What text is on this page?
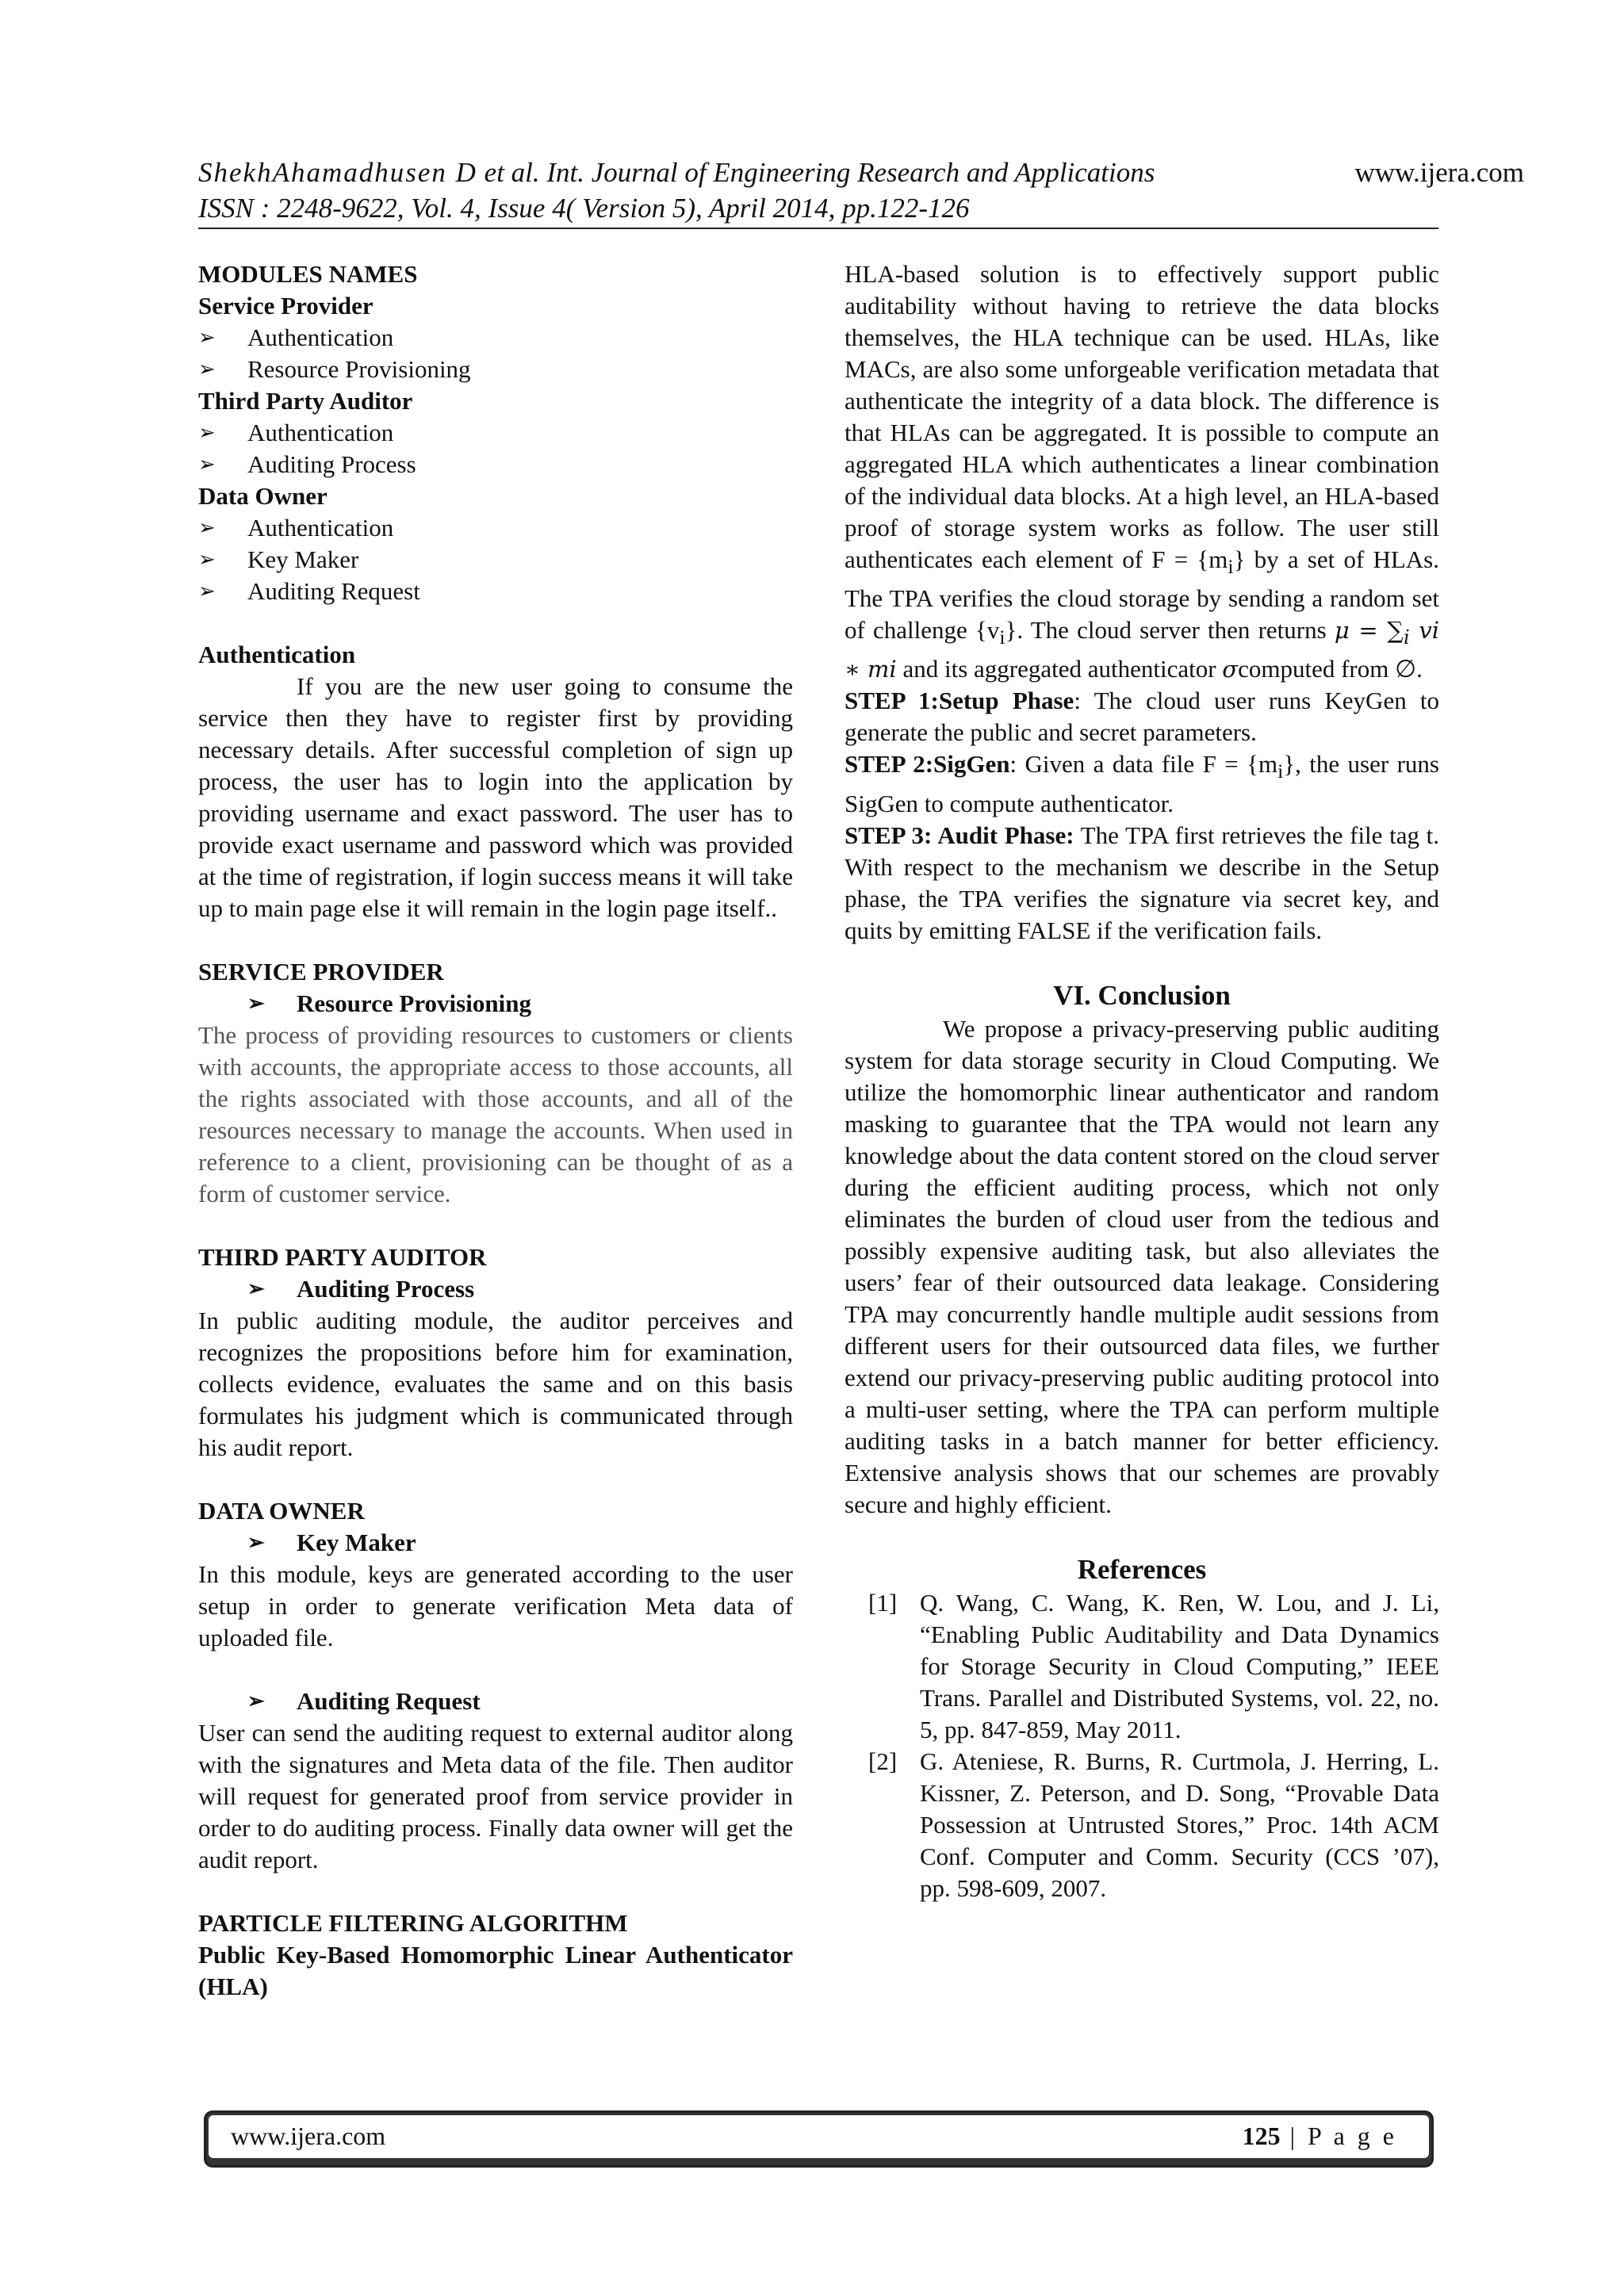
ShekhAhamadhusen D et al. Int. Journal of Engineering Research and Applications	www.ijera.com
ISSN : 2248-9622, Vol. 4, Issue 4( Version 5), April 2014, pp.122-126
MODULES NAMES
Service Provider
➢ Authentication
➢ Resource Provisioning
Third Party Auditor
➢ Authentication
➢ Auditing Process
Data Owner
➢ Authentication
➢ Key Maker
➢ Auditing Request
Authentication

If you are the new user going to consume the service then they have to register first by providing necessary details. After successful completion of sign up process, the user has to login into the application by providing username and exact password. The user has to provide exact username and password which was provided at the time of registration, if login success means it will take up to main page else it will remain in the login page itself..

SERVICE PROVIDER
➢ Resource Provisioning

The process of providing resources to customers or clients with accounts, the appropriate access to those accounts, all the rights associated with those accounts, and all of the resources necessary to manage the accounts. When used in reference to a client, provisioning can be thought of as a form of customer service.

THIRD PARTY AUDITOR
➢ Auditing Process

In public auditing module, the auditor perceives and recognizes the propositions before him for examination, collects evidence, evaluates the same and on this basis formulates his judgment which is communicated through his audit report.

DATA OWNER
➢ Key Maker

In this module, keys are generated according to the user setup in order to generate verification Meta data of uploaded file.

➢ Auditing Request

User can send the auditing request to external auditor along with the signatures and Meta data of the file. Then auditor will request for generated proof from service provider in order to do auditing process. Finally data owner will get the audit report.

PARTICLE FILTERING ALGORITHM

Public Key-Based Homomorphic Linear Authenticator (HLA)

HLA-based solution is to effectively support public auditability without having to retrieve the data blocks themselves, the HLA technique can be used. HLAs, like MACs, are also some unforgeable verification metadata that authenticate the integrity of a data block. The difference is that HLAs can be aggregated. It is possible to compute an aggregated HLA which authenticates a linear combination of the individual data blocks. At a high level, an HLA-based proof of storage system works as follow. The user still authenticates each element of $F = \{m_i\}$ by a set of HLAs. The TPA verifies the cloud storage by sending a random set of challenge $\{v_i\}$. The cloud server then returns $\mu = \sum_i$ vi ∗ mi and its aggregated authenticator σcomputed from ∅.

STEP 1:Setup Phase: The cloud user runs KeyGen to generate the public and secret parameters.

STEP 2:SigGen: Given a data file $F = \{m_i\}$, the user runs SigGen to compute authenticator.

STEP 3: Audit Phase: The TPA first retrieves the file tag t. With respect to the mechanism we describe in the Setup phase, the TPA verifies the signature via secret key, and quits by emitting FALSE if the verification fails.

VI. Conclusion

We propose a privacy-preserving public auditing system for data storage security in Cloud Computing. We utilize the homomorphic linear authenticator and random masking to guarantee that the TPA would not learn any knowledge about the data content stored on the cloud server during the efficient auditing process, which not only eliminates the burden of cloud user from the tedious and possibly expensive auditing task, but also alleviates the users’ fear of their outsourced data leakage. Considering TPA may concurrently handle multiple audit sessions from different users for their outsourced data files, we further extend our privacy-preserving public auditing protocol into a multi-user setting, where the TPA can perform multiple auditing tasks in a batch manner for better efficiency. Extensive analysis shows that our schemes are provably secure and highly efficient.

References
[1] Q. Wang, C. Wang, K. Ren, W. Lou, and J. Li, “Enabling Public Auditability and Data Dynamics for Storage Security in Cloud Computing,” IEEE Trans. Parallel and Distributed Systems, vol. 22, no. 5, pp. 847-859, May 2011.
[2] G. Ateniese, R. Burns, R. Curtmola, J. Herring, L. Kissner, Z. Peterson, and D. Song, “Provable Data Possession at Untrusted Stores,” Proc. 14th ACM Conf. Computer and Comm. Security (CCS ’07), pp. 598-609, 2007.
www.ijera.com	125 | P a g e
